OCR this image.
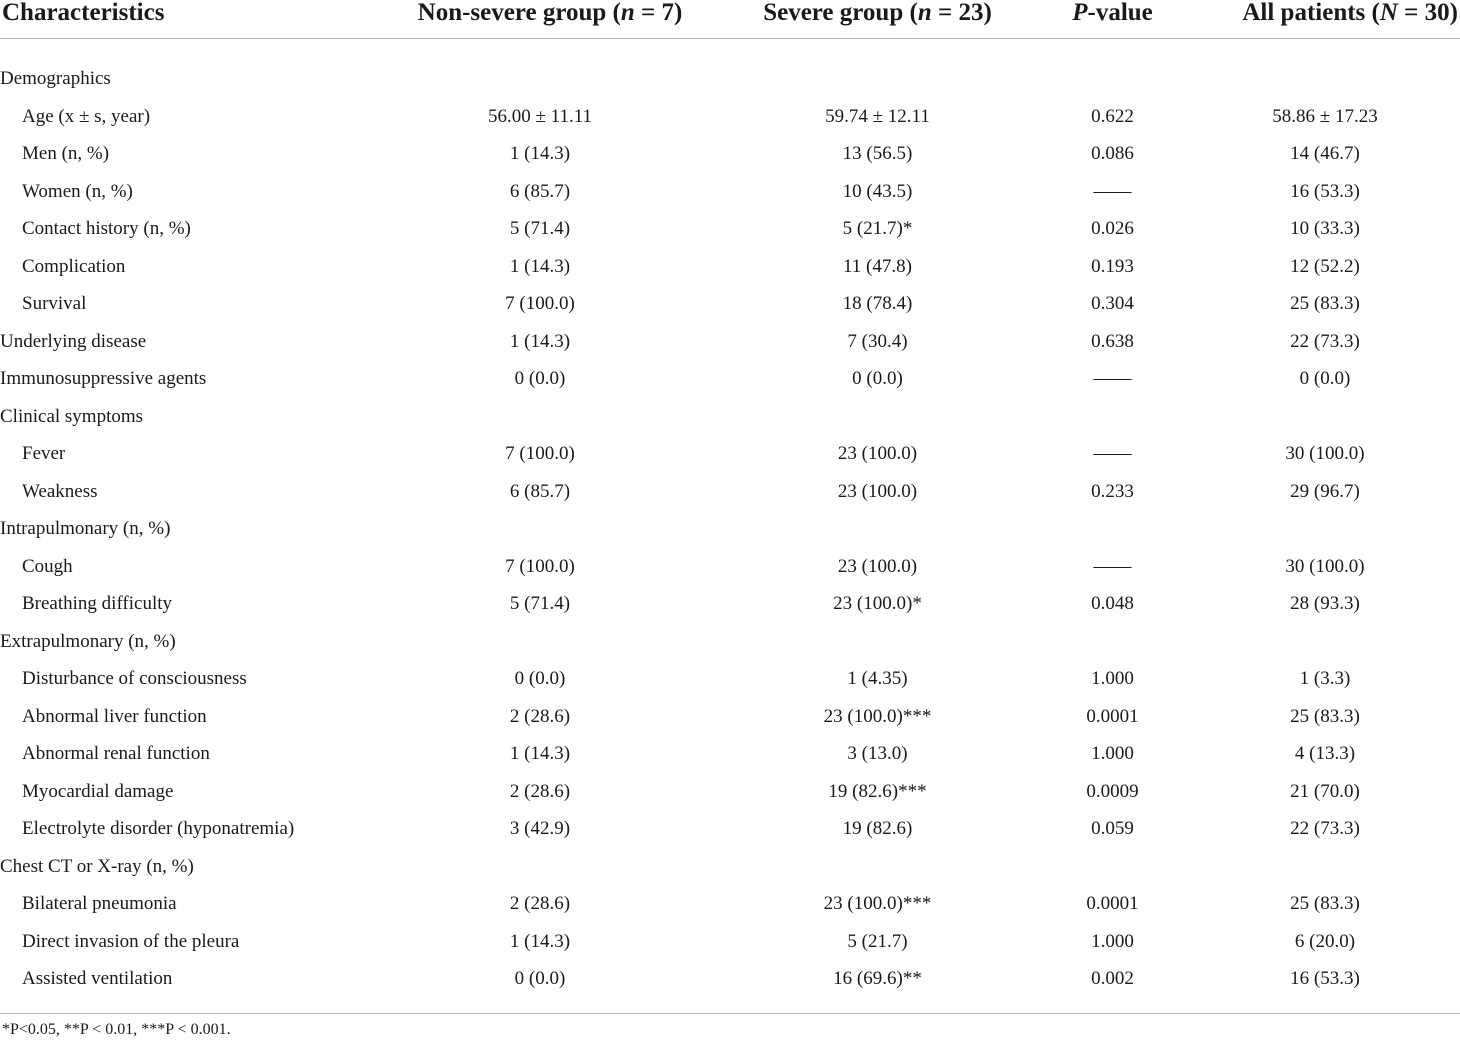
Characteristics	Non-severe group (n = 7)	Severe group (n = 23)	P-value	All patients (N = 30)

Demographics				
Age (x ± s, year)	56.00 ± 11.11	59.74 ± 12.11	0.622	58.86 ± 17.23
Men (n, %)	1 (14.3)	13 (56.5)	0.086	14 (46.7)
Women (n, %)	6 (85.7)	10 (43.5)	——	16 (53.3)
Contact history (n, %)	5 (71.4)	5 (21.7)*	0.026	10 (33.3)
Complication	1 (14.3)	11 (47.8)	0.193	12 (52.2)
Survival	7 (100.0)	18 (78.4)	0.304	25 (83.3)
Underlying disease	1 (14.3)	7 (30.4)	0.638	22 (73.3)
Immunosuppressive agents	0 (0.0)	0 (0.0)	——	0 (0.0)
Clinical symptoms				
Fever	7 (100.0)	23 (100.0)	——	30 (100.0)
Weakness	6 (85.7)	23 (100.0)	0.233	29 (96.7)
Intrapulmonary (n, %)				
Cough	7 (100.0)	23 (100.0)	——	30 (100.0)
Breathing difficulty	5 (71.4)	23 (100.0)*	0.048	28 (93.3)
Extrapulmonary (n, %)				
Disturbance of consciousness	0 (0.0)	1 (4.35)	1.000	1 (3.3)
Abnormal liver function	2 (28.6)	23 (100.0)***	0.0001	25 (83.3)
Abnormal renal function	1 (14.3)	3 (13.0)	1.000	4 (13.3)
Myocardial damage	2 (28.6)	19 (82.6)***	0.0009	21 (70.0)
Electrolyte disorder (hyponatremia)	3 (42.9)	19 (82.6)	0.059	22 (73.3)
Chest CT or X-ray (n, %)				
Bilateral pneumonia	2 (28.6)	23 (100.0)***	0.0001	25 (83.3)
Direct invasion of the pleura	1 (14.3)	5 (21.7)	1.000	6 (20.0)
Assisted ventilation	0 (0.0)	16 (69.6)**	0.002	16 (53.3)

*P<0.05, **P < 0.01, ***P < 0.001.
